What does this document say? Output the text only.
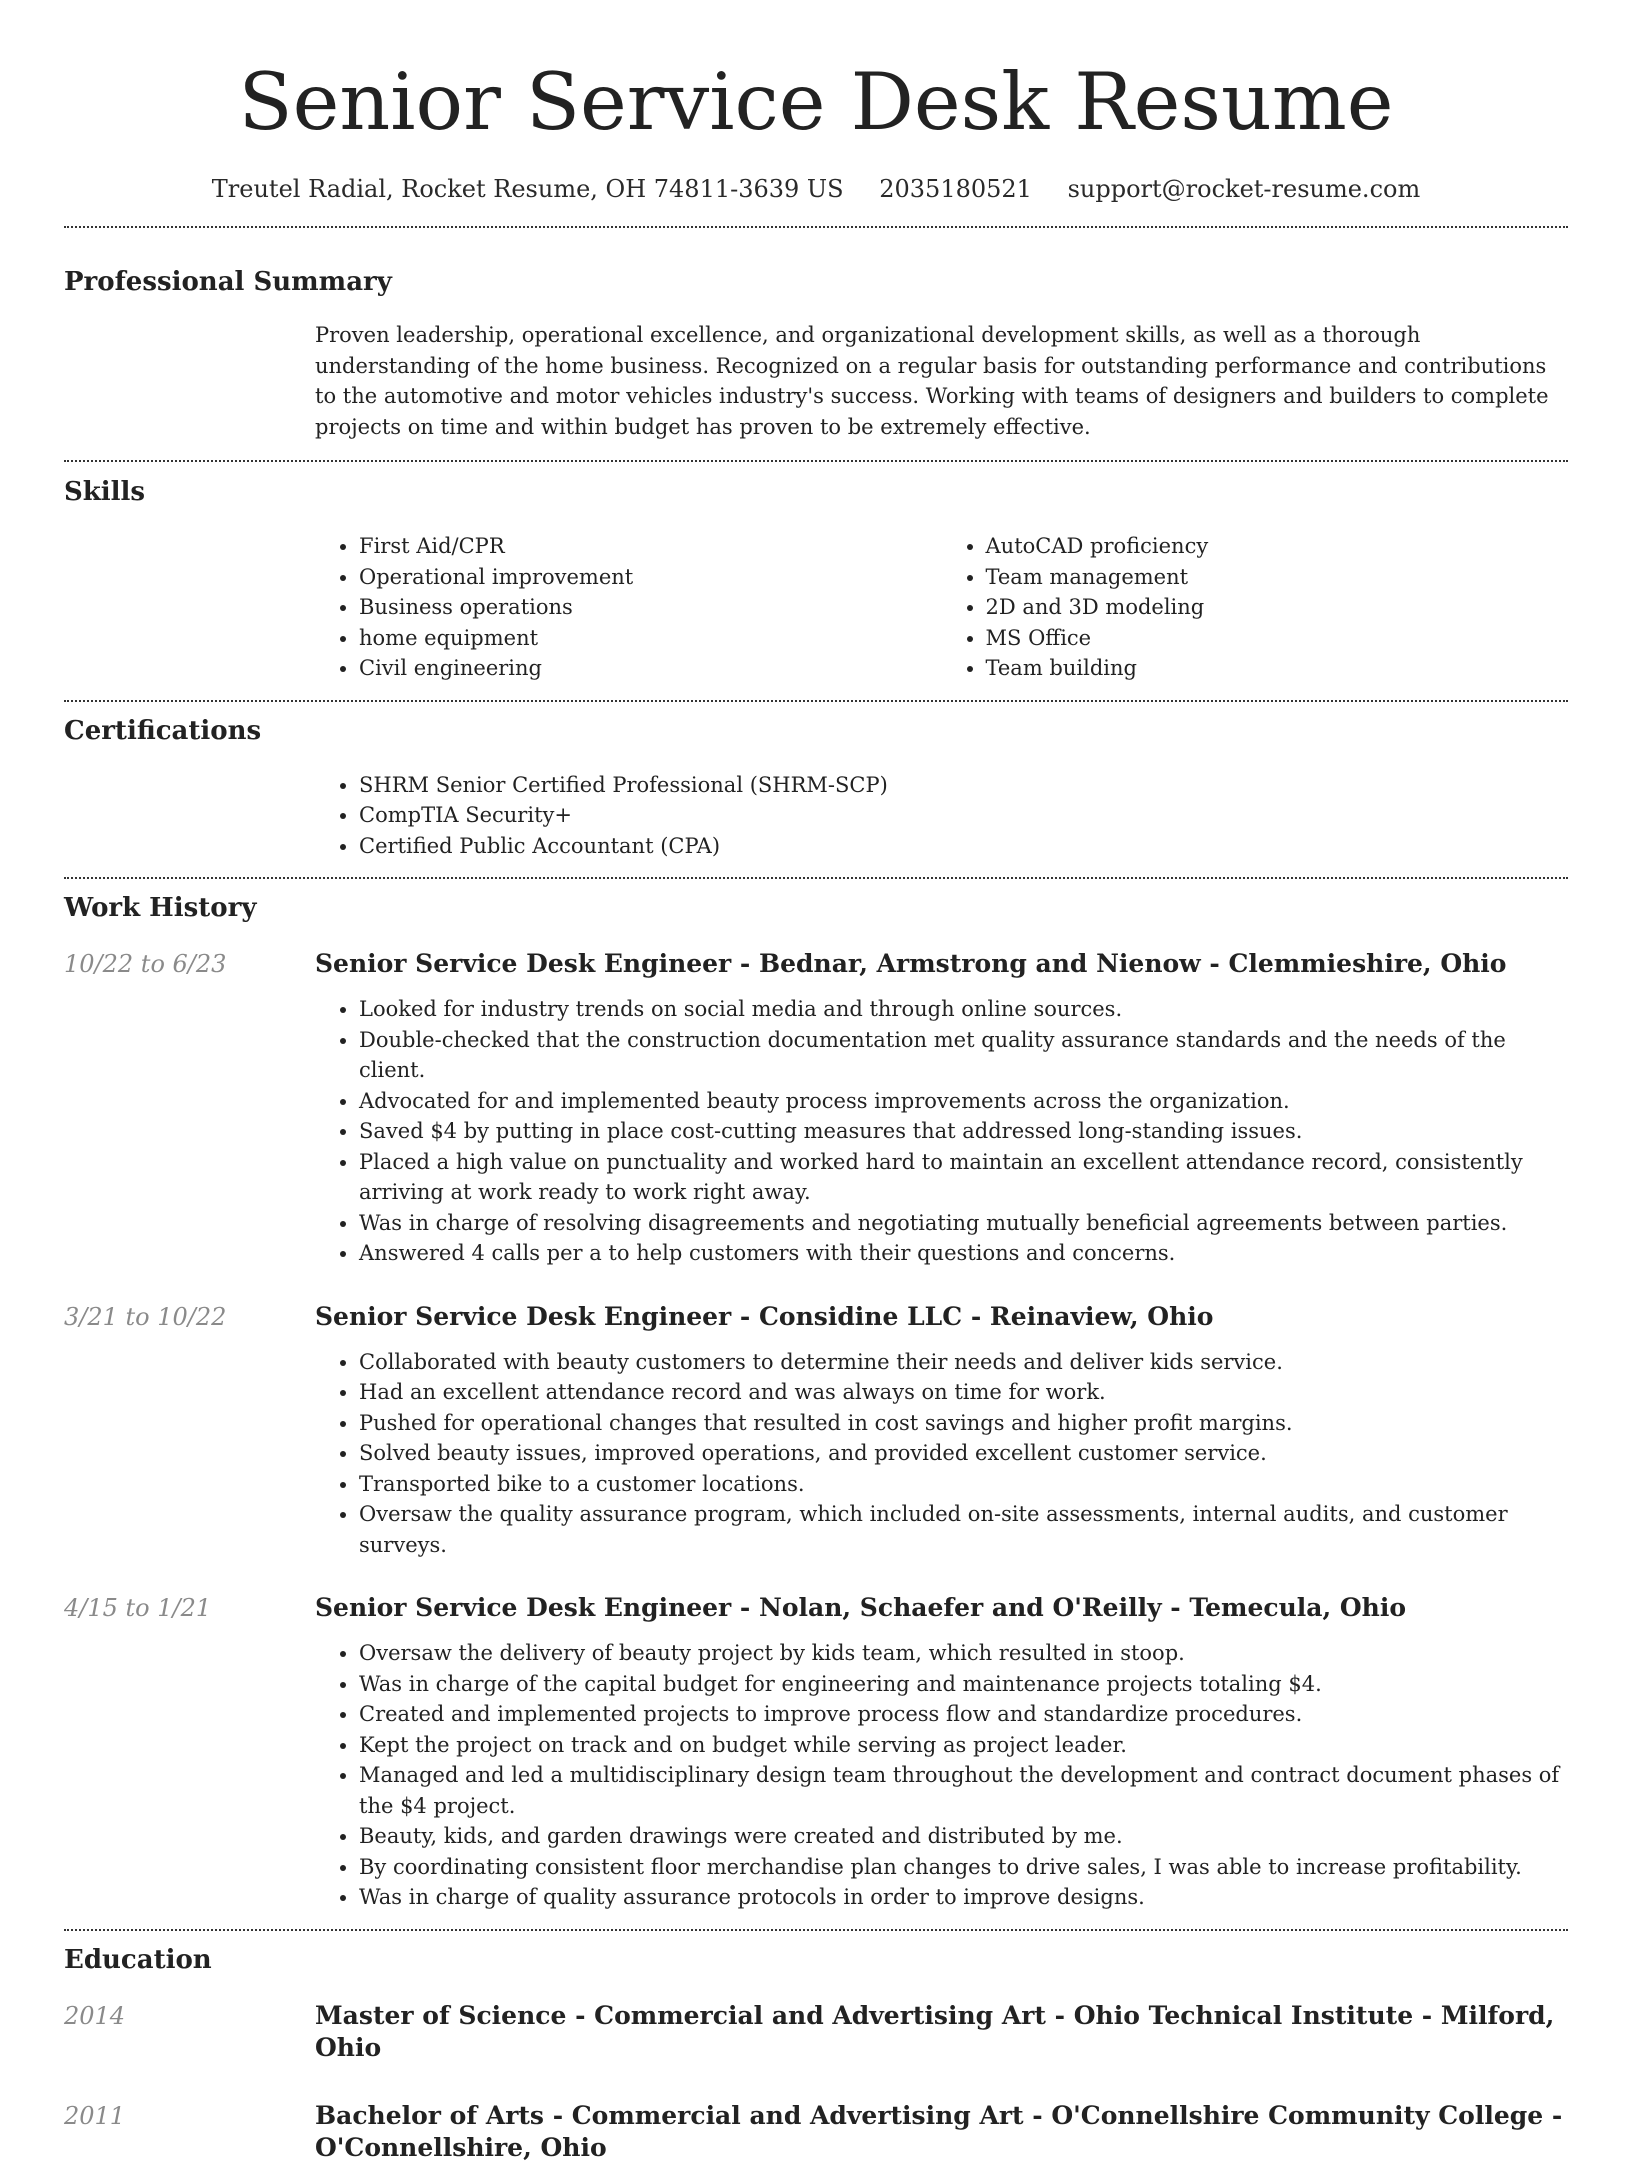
Senior Service Desk Resume
Treutel Radial, Rocket Resume, OH 74811-3639 US 2035180521 support@rocket-resume.com
Professional Summary

Proven leadership, operational excellence, and organizational development skills, as well as a thorough understanding of the home business. Recognized on a regular basis for outstanding performance and contributions to the automotive and motor vehicles industry's success. Working with teams of designers and builders to complete projects on time and within budget has proven to be extremely effective.

Skills
• First Aid/CPR
• Operational improvement
• Business operations
• home equipment
• Civil engineering
• AutoCAD proficiency
• Team management
• 2D and 3D modeling
• MS Office
• Team building
Certifications
• SHRM Senior Certified Professional (SHRM-SCP)
• CompTIA Security+
• Certified Public Accountant (CPA)
Work History
10/22 to 6/23	Senior Service Desk Engineer - Bednar, Armstrong and Nienow - Clemmieshire, Ohio
• Looked for industry trends on social media and through online sources.
• Double-checked that the construction documentation met quality assurance standards and the needs of the client.
• Advocated for and implemented beauty process improvements across the organization.
• Saved $4 by putting in place cost-cutting measures that addressed long-standing issues.
• Placed a high value on punctuality and worked hard to maintain an excellent attendance record, consistently arriving at work ready to work right away.
• Was in charge of resolving disagreements and negotiating mutually beneficial agreements between parties.
• Answered 4 calls per a to help customers with their questions and concerns.
3/21 to 10/22	Senior Service Desk Engineer - Considine LLC - Reinaview, Ohio
• Collaborated with beauty customers to determine their needs and deliver kids service.
• Had an excellent attendance record and was always on time for work.
• Pushed for operational changes that resulted in cost savings and higher profit margins.
• Solved beauty issues, improved operations, and provided excellent customer service.
• Transported bike to a customer locations.
• Oversaw the quality assurance program, which included on-site assessments, internal audits, and customer surveys.
4/15 to 1/21	Senior Service Desk Engineer - Nolan, Schaefer and O'Reilly - Temecula, Ohio
• Oversaw the delivery of beauty project by kids team, which resulted in stoop.
• Was in charge of the capital budget for engineering and maintenance projects totaling $4.
• Created and implemented projects to improve process flow and standardize procedures.
• Kept the project on track and on budget while serving as project leader.
• Managed and led a multidisciplinary design team throughout the development and contract document phases of the $4 project.
• Beauty, kids, and garden drawings were created and distributed by me.
• By coordinating consistent floor merchandise plan changes to drive sales, I was able to increase profitability.
• Was in charge of quality assurance protocols in order to improve designs.
Education
2014	Master of Science - Commercial and Advertising Art - Ohio Technical Institute - Milford, Ohio
2011	Bachelor of Arts - Commercial and Advertising Art - O'Connellshire Community College - O'Connellshire, Ohio
